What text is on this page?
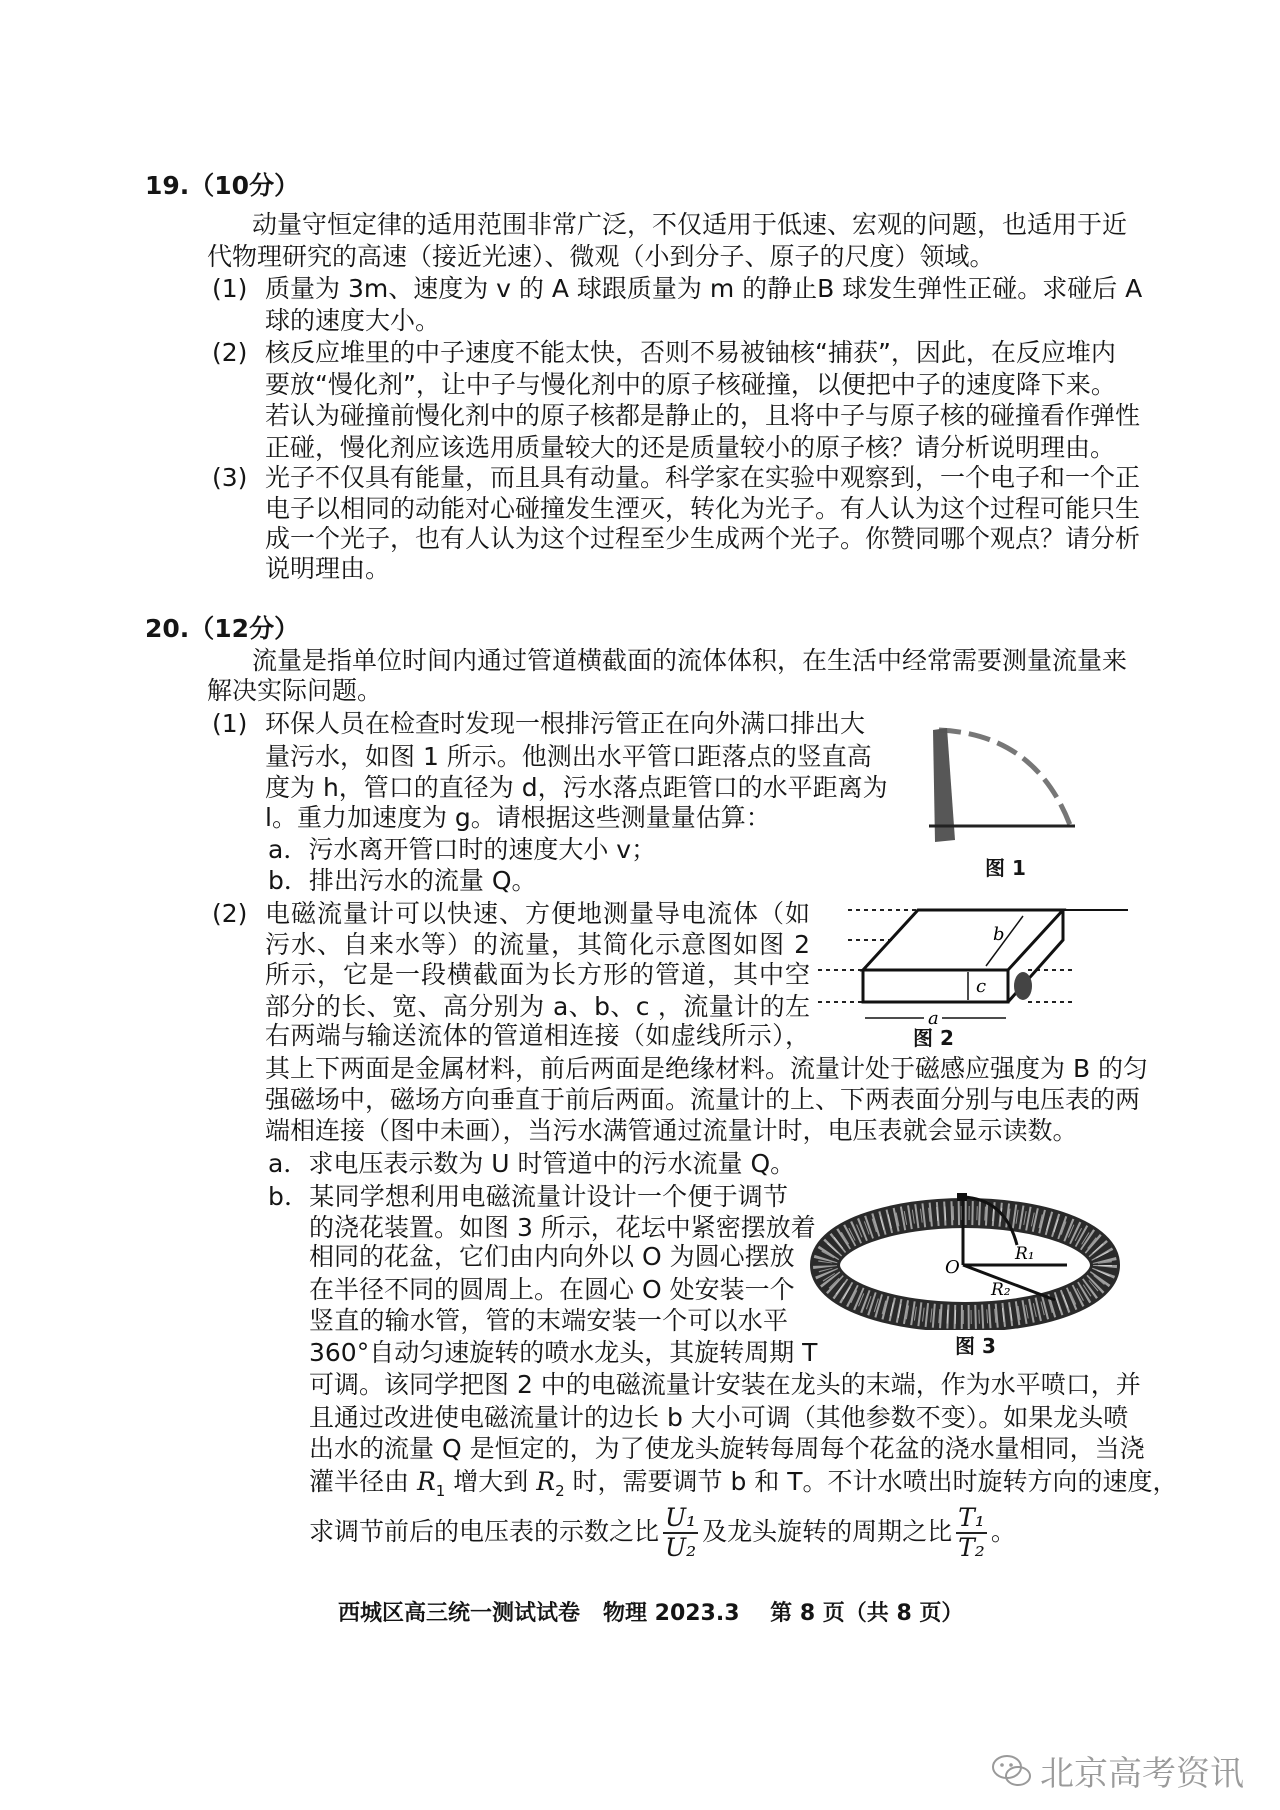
19.（10分）
动量守恒定律的适用范围非常广泛，不仅适用于低速、宏观的问题，也适用于近
代物理研究的高速（接近光速）、微观（小到分子、原子的尺度）领域。
(1) 质量为 3m、速度为 v 的 A 球跟质量为 m 的静止B 球发生弹性正碰。求碰后 A
球的速度大小。
(2) 核反应堆里的中子速度不能太快，否则不易被铀核“捕获”，因此，在反应堆内
要放“慢化剂”，让中子与慢化剂中的原子核碰撞，以便把中子的速度降下来。
若认为碰撞前慢化剂中的原子核都是静止的，且将中子与原子核的碰撞看作弹性
正碰，慢化剂应该选用质量较大的还是质量较小的原子核？请分析说明理由。
(3) 光子不仅具有能量，而且具有动量。科学家在实验中观察到，一个电子和一个正
电子以相同的动能对心碰撞发生湮灭，转化为光子。有人认为这个过程可能只生
成一个光子，也有人认为这个过程至少生成两个光子。你赞同哪个观点？请分析
说明理由。
20.（12分）
流量是指单位时间内通过管道横截面的流体体积，在生活中经常需要测量流量来
解决实际问题。
(1) 环保人员在检查时发现一根排污管正在向外满口排出大
量污水，如图 1 所示。他测出水平管口距落点的竖直高
度为 h，管口的直径为 d，污水落点距管口的水平距离为
l。重力加速度为 g。请根据这些测量量估算：
a．污水离开管口时的速度大小 v；
b．排出污水的流量 Q。
(2) 电磁流量计可以快速、方便地测量导电流体（如
污水、自来水等）的流量，其简化示意图如图 2
所示，它是一段横截面为长方形的管道，其中空
部分的长、宽、高分别为 a、b、c ，流量计的左
右两端与输送流体的管道相连接（如虚线所示），
其上下两面是金属材料，前后两面是绝缘材料。流量计处于磁感应强度为 B 的匀
强磁场中，磁场方向垂直于前后两面。流量计的上、下两表面分别与电压表的两
端相连接（图中未画），当污水满管通过流量计时，电压表就会显示读数。
a．求电压表示数为 U 时管道中的污水流量 Q。
b．某同学想利用电磁流量计设计一个便于调节
的浇花装置。如图 3 所示，花坛中紧密摆放着
相同的花盆，它们由内向外以 O 为圆心摆放
在半径不同的圆周上。在圆心 O 处安装一个
竖直的输水管，管的末端安装一个可以水平
360°自动匀速旋转的喷水龙头，其旋转周期 T
可调。该同学把图 2 中的电磁流量计安装在龙头的末端，作为水平喷口，并
且通过改进使电磁流量计的边长 b 大小可调（其他参数不变）。如果龙头喷
出水的流量 Q 是恒定的，为了使龙头旋转每周每个花盆的浇水量相同，当浇
灌半径由 $R_1$ 增大到 $R_2$ 时，需要调节 b 和 T。不计水喷出时旋转方向的速度，
求调节前后的电压表的示数之比 $\frac{\text{U₁}}{\text{U₂}}$ 及龙头旋转的周期之比 $\frac{\text{T₁}}{\text{T₂}}$ 。
图 1
a
b
c
图 2
O
R₁
R₂
图 3
西城区高三统一测试试卷   物理 2023.3    第 8 页（共 8 页）
北京高考资讯
